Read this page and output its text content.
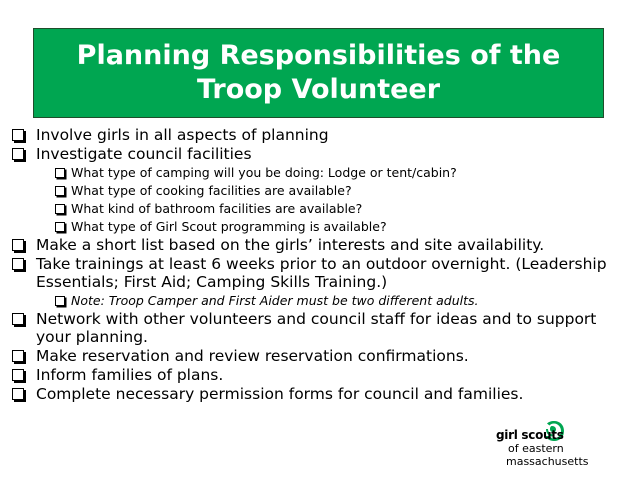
Planning Responsibilities of the Troop Volunteer
Involve girls in all aspects of planning
Investigate council facilities
What type of camping will you be doing: Lodge or tent/cabin?
What type of cooking facilities are available?
What kind of bathroom facilities are available?
What type of Girl Scout programming is available?
Make a short list based on the girls’ interests and site availability.
Take trainings at least 6 weeks prior to an outdoor overnight. (Leadership Essentials; First Aid; Camping Skills Training.)
Note: Troop Camper and First Aider must be two different adults.
Network with other volunteers and council staff for ideas and to support your planning.
Make reservation and review reservation confirmations.
Inform families of plans.
Complete necessary permission forms for council and families.
girl scouts
of eastern
massachusetts
